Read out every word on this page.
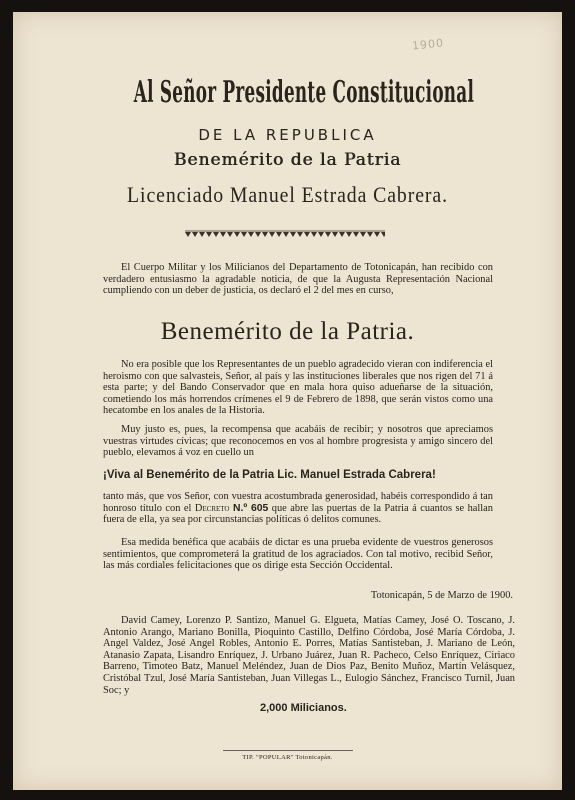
1900
Al Señor Presidente Constitucional
DE LA REPUBLICA
Benemérito de la Patria
Licenciado Manuel Estrada Cabrera.
El Cuerpo Militar y los Milicianos del Departamento de Totonicapán, han recibido con verdadero entusiasmo la agradable noticia, de que la Augusta Representación Nacional cumpliendo con un deber de justicia, os declaró el 2 del mes en curso,
Benemérito de la Patria.
No era posible que los Representantes de un pueblo agradecido vieran con indiferencia el heroismo con que salvasteis, Señor, al país y las instituciones liberales que nos rigen del 71 á esta parte; y del Bando Conservador que en mala hora quiso adueñarse de la situación, cometiendo los más horrendos crímenes el 9 de Febrero de 1898, que serán vistos como una hecatombe en los anales de la Historia.
Muy justo es, pues, la recompensa que acabáis de recibir; y nosotros que apreciamos vuestras virtudes cívicas; que reconocemos en vos al hombre progresista y amigo sincero del pueblo, elevamos á voz en cuello un
¡Viva al Benemérito de la Patria Lic. Manuel Estrada Cabrera!
tanto más, que vos Señor, con vuestra acostumbrada generosidad, habéis correspondido á tan honroso título con el Decreto N.º 605 que abre las puertas de la Patria á cuantos se hallan fuera de ella, ya sea por circunstancias políticas ó delitos comunes.
Esa medida benéfica que acabáis de dictar es una prueba evidente de vuestros generosos sentimientos, que comprometerá la gratitud de los agraciados. Con tal motivo, recibid Señor, las más cordiales felicitaciones que os dirige esta Sección Occidental.
Totonicapán, 5 de Marzo de 1900.
David Camey, Lorenzo P. Santizo, Manuel G. Elgueta, Matías Camey, José O. Toscano, J. Antonio Arango, Mariano Bonilla, Pioquinto Castillo, Delfino Córdoba, José María Córdoba, J. Angel Valdez, José Angel Robles, Antonio E. Porres, Matías Santisteban, J. Mariano de León, Atanasio Zapata, Lisandro Enríquez, J. Urbano Juárez, Juan R. Pacheco, Celso Enríquez, Ciriaco Barreno, Timoteo Batz, Manuel Meléndez, Juan de Dios Paz, Benito Muñoz, Martín Velásquez, Cristóbal Tzul, José María Santisteban, Juan Villegas L., Eulogio Sánchez, Francisco Turnil, Juan Soc; y
2,000 Milicianos.
TIP. "POPULAR" Totonicapán.
